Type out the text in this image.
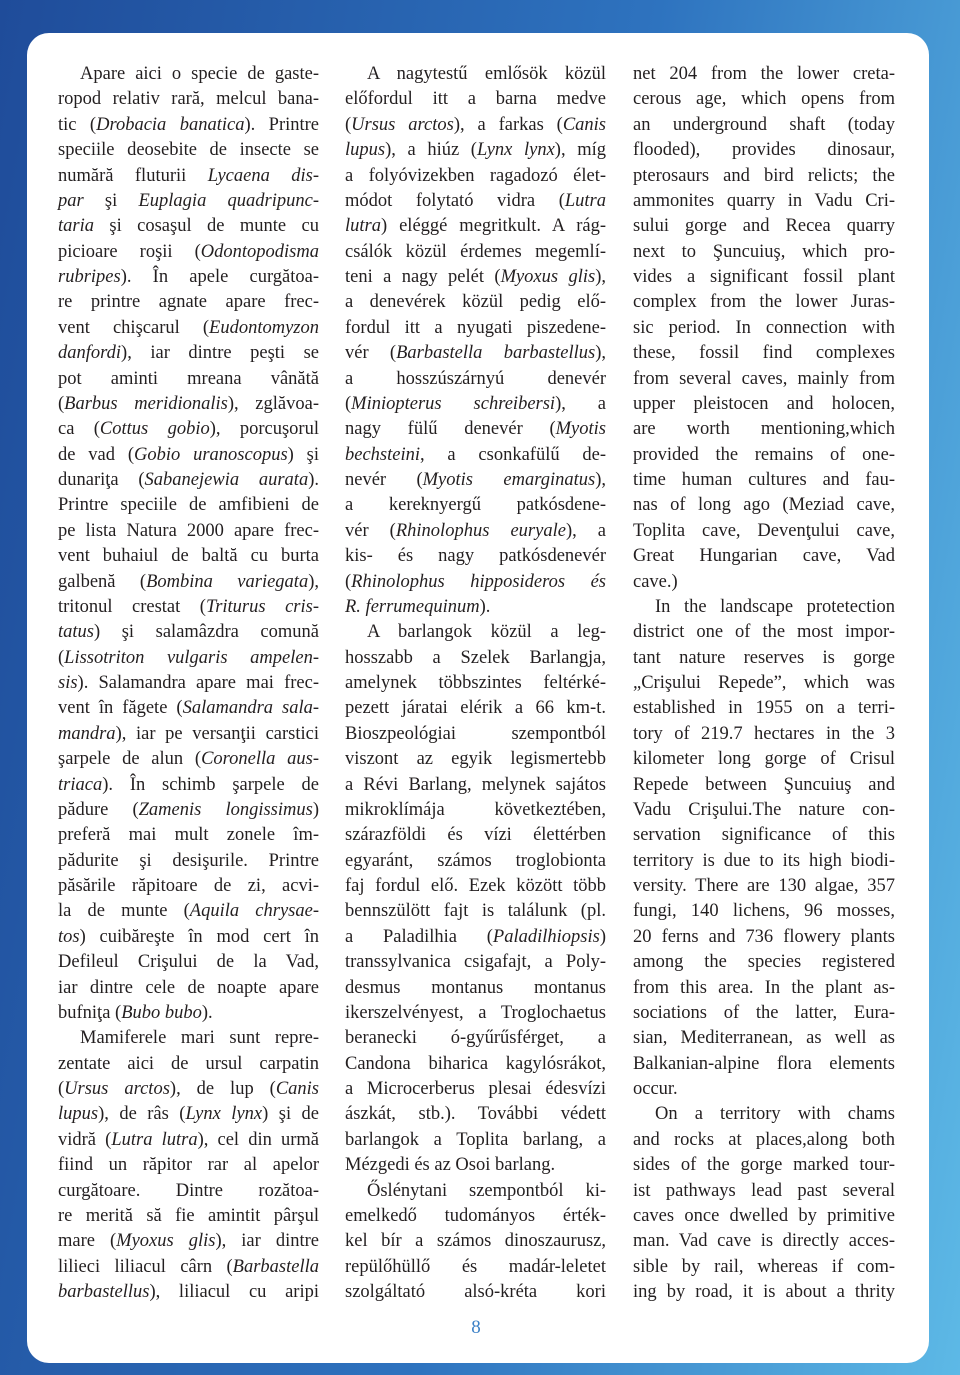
Apare aici o specie de gaste-
ropod relativ rară, melcul bana-
tic (Drobacia banatica). Printre
speciile deosebite de insecte se
numără fluturii Lycaena dis-
par şi Euplagia quadripunc-
taria şi cosaşul de munte cu
picioare roşii (Odontopodisma
rubripes). În apele curgătoa-
re printre agnate apare frec-
vent chişcarul (Eudontomyzon
danfordi), iar dintre peşti se
pot aminti mreana vânătă
(Barbus meridionalis), zglăvoa-
ca (Cottus gobio), porcuşorul
de vad (Gobio uranoscopus) şi
dunariţa (Sabanejewia aurata).
Printre speciile de amfibieni de
pe lista Natura 2000 apare frec-
vent buhaiul de baltă cu burta
galbenă (Bombina variegata),
tritonul crestat (Triturus cris-
tatus) şi salamâzdra comună
(Lissotriton vulgaris ampelen-
sis). Salamandra apare mai frec-
vent în făgete (Salamandra sala-
mandra), iar pe versanţii carstici
şarpele de alun (Coronella aus-
triaca). În schimb şarpele de
pădure (Zamenis longissimus)
preferă mai mult zonele îm-
pădurite şi desişurile. Printre
păsările răpitoare de zi, acvi-
la de munte (Aquila chrysae-
tos) cuibăreşte în mod cert în
Defileul Crişului de la Vad,
iar dintre cele de noapte apare
bufniţa (Bubo bubo).
Mamiferele mari sunt repre-
zentate aici de ursul carpatin
(Ursus arctos), de lup (Canis
lupus), de râs (Lynx lynx) şi de
vidră (Lutra lutra), cel din urmă
fiind un răpitor rar al apelor
curgătoare. Dintre rozătoa-
re merită să fie amintit pârşul
mare (Myoxus glis), iar dintre
lilieci liliacul cârn (Barbastella
barbastellus), liliacul cu aripi
A nagytestű emlősök közül
előfordul itt a barna medve
(Ursus arctos), a farkas (Canis
lupus), a hiúz (Lynx lynx), míg
a folyóvizekben ragadozó élet-
módot folytató vidra (Lutra
lutra) eléggé megritkult. A rág-
csálók közül érdemes megemlí-
teni a nagy pelét (Myoxus glis),
a denevérek közül pedig elő-
fordul itt a nyugati piszedene-
vér (Barbastella barbastellus),
a hosszúszárnyú denevér
(Miniopterus schreibersi), a
nagy fülű denevér (Myotis
bechsteini, a csonkafülű de-
nevér (Myotis emarginatus),
a kereknyergű patkósdene-
vér (Rhinolophus euryale), a
kis- és nagy patkósdenevér
(Rhinolophus hipposideros és
R. ferrumequinum).
A barlangok közül a leg-
hosszabb a Szelek Barlangja,
amelynek többszintes feltérké-
pezett járatai elérik a 66 km-t.
Bioszpeológiai szempontból
viszont az egyik legismertebb
a Révi Barlang, melynek sajátos
mikroklímája következtében,
szárazföldi és vízi élettérben
egyaránt, számos troglobionta
faj fordul elő. Ezek között több
bennszülött fajt is találunk (pl.
a Paladilhia (Paladilhiopsis)
transsylvanica csigafajt, a Poly-
desmus montanus montanus
ikerszelvényest, a Troglochaetus
beranecki ó-gyűrűsférget, a
Candona biharica kagylósrákot,
a Microcerberus plesai édesvízi
ászkát, stb.). További védett
barlangok a Toplita barlang, a
Mézgedi és az Osoi barlang.
Őslénytani szempontból ki-
emelkedő tudományos érték-
kel bír a számos dinoszaurusz,
repülőhüllő és madár-leletet
szolgáltató alsó-kréta kori
net 204 from the lower creta-
cerous age, which opens from
an underground shaft (today
flooded), provides dinosaur,
pterosaurs and bird relicts; the
ammonites quarry in Vadu Cri-
sului gorge and Recea quarry
next to Şuncuiuş, which pro-
vides a significant fossil plant
complex from the lower Juras-
sic period. In connection with
these, fossil find complexes
from several caves, mainly from
upper pleistocen and holocen,
are worth mentioning,which
provided the remains of one-
time human cultures and fau-
nas of long ago (Meziad cave,
Toplita cave, Devenţului cave,
Great Hungarian cave, Vad
cave.)
In the landscape protetection
district one of the most impor-
tant nature reserves is gorge
„Crişului Repede”, which was
established in 1955 on a terri-
tory of 219.7 hectares in the 3
kilometer long gorge of Crisul
Repede between Şuncuiuş and
Vadu Crişului.The nature con-
servation significance of this
territory is due to its high biodi-
versity. There are 130 algae, 357
fungi, 140 lichens, 96 mosses,
20 ferns and 736 flowery plants
among the species registered
from this area. In the plant as-
sociations of the latter, Eura-
sian, Mediterranean, as well as
Balkanian-alpine flora elements
occur.
On a territory with chams
and rocks at places,along both
sides of the gorge marked tour-
ist pathways lead past several
caves once dwelled by primitive
man. Vad cave is directly acces-
sible by rail, whereas if com-
ing by road, it is about a thrity
8
